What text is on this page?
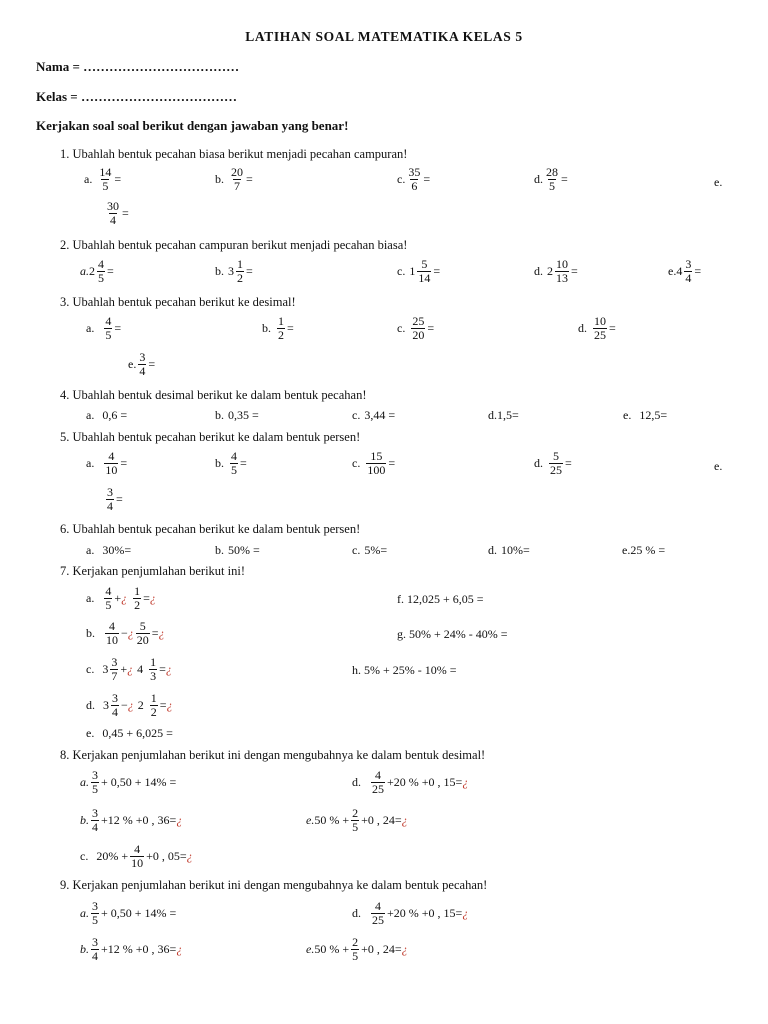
LATIHAN SOAL MATEMATIKA KELAS 5
Nama = ………………………………
Kelas = ………………………………
Kerjakan soal soal berikut dengan jawaban yang benar!
1. Ubahlah bentuk pecahan biasa berikut menjadi pecahan campuran!
a. $\frac{14}{5}$ =	b. $\frac{20}{7}$ =	c. $\frac{35}{6}$ =	d. $\frac{28}{5}$ =	e.
$\frac{30}{4}$ =
2. Ubahlah bentuk pecahan campuran berikut menjadi pecahan biasa!
a. $2 \frac{4}{5}$ =	b. $3 \frac{1}{2}$ =	c. $1 \frac{5}{14}$ =	d. $2 \frac{10}{13}$ =	e. $4 \frac{3}{4}$ =
3. Ubahlah bentuk pecahan berikut ke desimal!
a. $\frac{4}{5}$ =	b. $\frac{1}{2}$ =	c. $\frac{25}{20}$ =	d. $\frac{10}{25}$ =
e. $\frac{3}{4}$ =
4. Ubahlah bentuk desimal berikut ke dalam bentuk pecahan!
a. 0,6 =	b. 0,35 =	c. 3,44 =	d.1,5=	e. 12,5=
5. Ubahlah bentuk pecahan berikut ke dalam bentuk persen!
a. $\frac{4}{10}$ =	b. $\frac{4}{5}$ =	c. $\frac{15}{100}$ =	d. $\frac{5}{25}$ =	e.
$\frac{3}{4}$ =
6. Ubahlah bentuk pecahan berikut ke dalam bentuk persen!
a. 30%=	b. 50% =	c. 5%=	d. 10%=	e.25 % =
7. Kerjakan penjumlahan berikut ini!
a. $\frac{4}{5}$ + ¿ $\frac{1}{2}$ = ¿	f. 12,025 + 6,05 =
b. $\frac{4}{10}$ − ¿ $\frac{5}{20}$ = ¿	g. 50% + 24% - 40% =
c. $3 \frac{3}{7}$ + ¿ $4 \frac{1}{3}$ = ¿	h. 5% + 25% - 10% =
d. $3 \frac{3}{4}$ − ¿ $2 \frac{1}{2}$ = ¿
e. 0,45 + 6,025 =
8. Kerjakan penjumlahan berikut ini dengan mengubahnya ke dalam bentuk desimal!
a. $\frac{3}{5} + 0,50 + 14\%$ =	d. $\frac{4}{25} +20$ % +0 , 15= ¿
b. $\frac{3}{4} +12$ % +0 , 36= ¿	e. 50 % + $\frac{2}{5} +0$ , 24= ¿
c. $20\% + \frac{4}{10} +0$ , 05= ¿
9. Kerjakan penjumlahan berikut ini dengan mengubahnya ke dalam bentuk pecahan!
a. $\frac{3}{5} + 0,50 + 14\%$ =	d. $\frac{4}{25} +20$ % +0 , 15= ¿
b. $\frac{3}{4} +12$ % +0 , 36= ¿	e. 50 % + $\frac{2}{5} +0$ , 24= ¿
